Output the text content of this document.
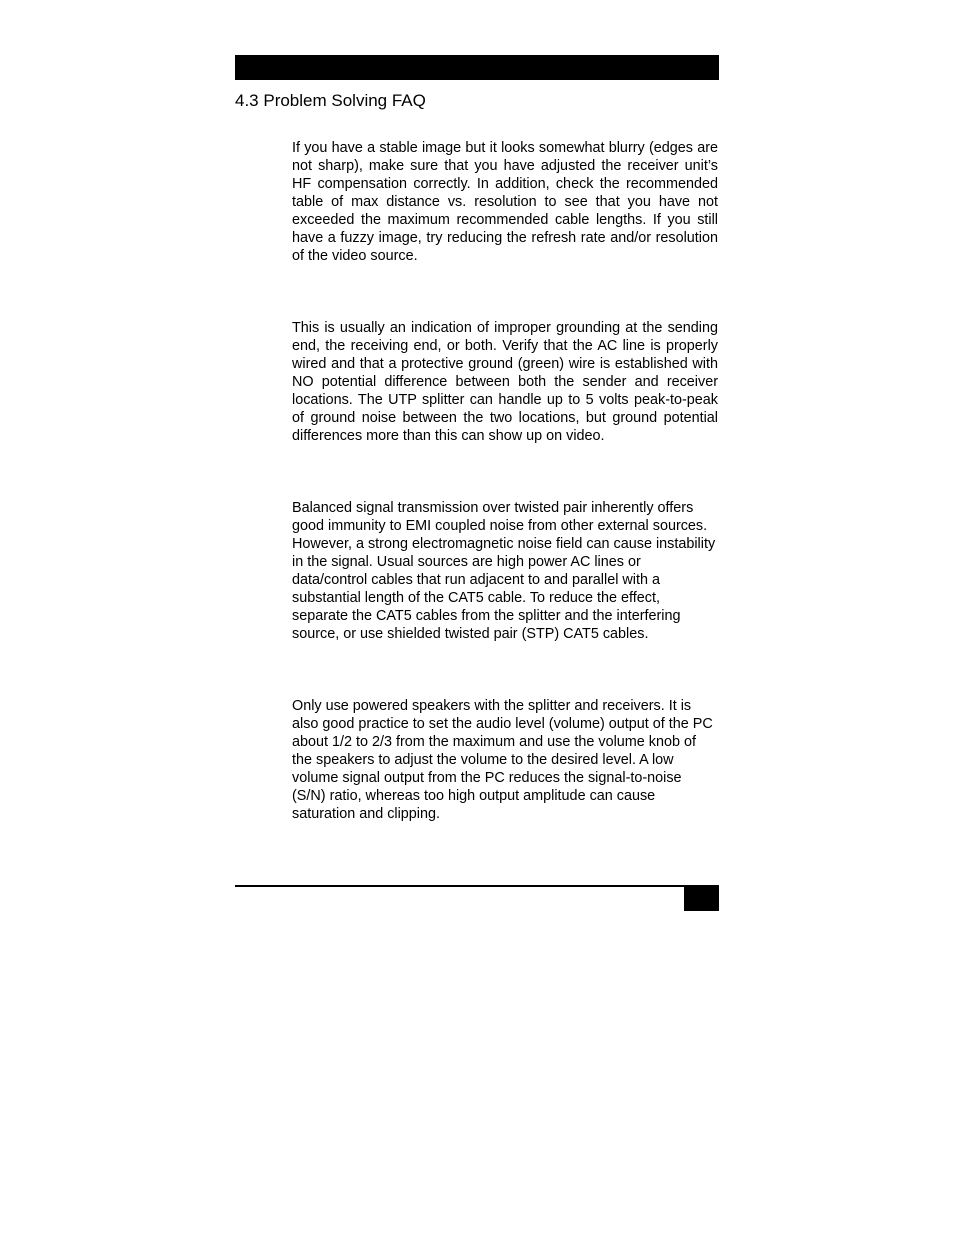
4.3 Problem Solving FAQ

If you have a stable image but it looks somewhat blurry (edges are not sharp), make sure that you have adjusted the receiver unit’s HF compensation correctly. In addition, check the recommended table of max distance vs. resolution to see that you have not exceeded the maximum recommended cable lengths. If you still have a fuzzy image, try reducing the refresh rate and/or resolution of the video source.

This is usually an indication of improper grounding at the sending end, the receiving end, or both. Verify that the AC line is properly wired and that a protective ground (green) wire is established with NO potential difference between both the sender and receiver locations. The UTP splitter can handle up to 5 volts peak-to-peak of ground noise between the two locations, but ground potential differences more than this can show up on video.

Balanced signal transmission over twisted pair inherently offers good immunity to EMI coupled noise from other external sources. However, a strong electromagnetic noise field can cause instability in the signal. Usual sources are high power AC lines or data/control cables that run adjacent to and parallel with a substantial length of the CAT5 cable. To reduce the effect, separate the CAT5 cables from the splitter and the interfering source, or use shielded twisted pair (STP) CAT5 cables.

Only use powered speakers with the splitter and receivers. It is also good practice to set the audio level (volume) output of the PC about 1/2 to 2/3 from the maximum and use the volume knob of the speakers to adjust the volume to the desired level. A low volume signal output from the PC reduces the signal-to-noise (S/N) ratio, whereas too high output amplitude can cause saturation and clipping.
